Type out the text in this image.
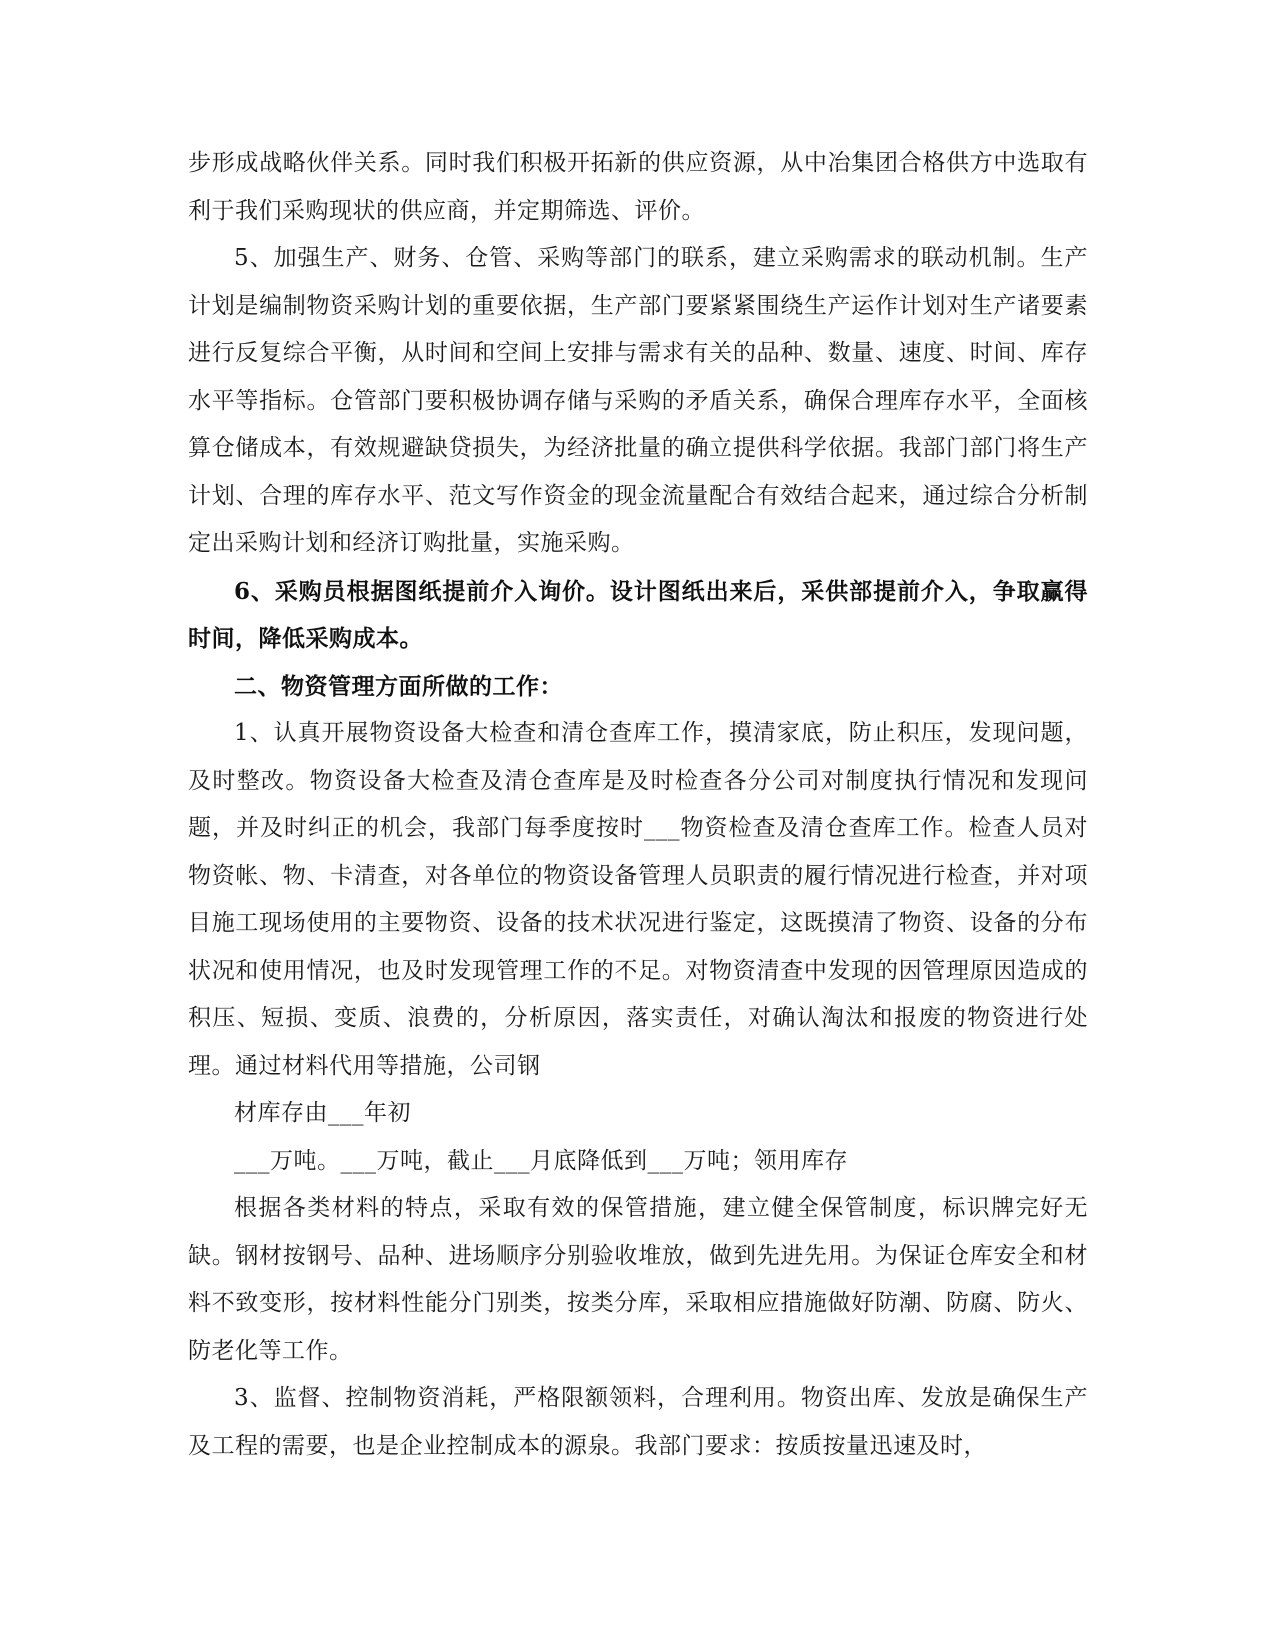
步形成战略伙伴关系。同时我们积极开拓新的供应资源，从中冶集团合格供方中选取有利于我们采购现状的供应商，并定期筛选、评价。

5、加强生产、财务、仓管、采购等部门的联系，建立采购需求的联动机制。生产计划是编制物资采购计划的重要依据，生产部门要紧紧围绕生产运作计划对生产诸要素进行反复综合平衡，从时间和空间上安排与需求有关的品种、数量、速度、时间、库存水平等指标。仓管部门要积极协调存储与采购的矛盾关系，确保合理库存水平，全面核算仓储成本，有效规避缺贷损失，为经济批量的确立提供科学依据。我部门部门将生产计划、合理的库存水平、范文写作资金的现金流量配合有效结合起来，通过综合分析制定出采购计划和经济订购批量，实施采购。

6、采购员根据图纸提前介入询价。设计图纸出来后，采供部提前介入，争取赢得时间，降低采购成本。

二、物资管理方面所做的工作：

1、认真开展物资设备大检查和清仓查库工作，摸清家底，防止积压，发现问题，及时整改。物资设备大检查及清仓查库是及时检查各分公司对制度执行情况和发现问题，并及时纠正的机会，我部门每季度按时___物资检查及清仓查库工作。检查人员对物资帐、物、卡清查，对各单位的物资设备管理人员职责的履行情况进行检查，并对项目施工现场使用的主要物资、设备的技术状况进行鉴定，这既摸清了物资、设备的分布状况和使用情况，也及时发现管理工作的不足。对物资清查中发现的因管理原因造成的积压、短损、变质、浪费的，分析原因，落实责任，对确认淘汰和报废的物资进行处理。通过材料代用等措施，公司钢

材库存由___年初

___万吨。___万吨，截止___月底降低到___万吨；领用库存

根据各类材料的特点，采取有效的保管措施，建立健全保管制度，标识牌完好无缺。钢材按钢号、品种、进场顺序分别验收堆放，做到先进先用。为保证仓库安全和材料不致变形，按材料性能分门别类，按类分库，采取相应措施做好防潮、防腐、防火、防老化等工作。

3、监督、控制物资消耗，严格限额领料，合理利用。物资出库、发放是确保生产及工程的需要，也是企业控制成本的源泉。我部门要求：按质按量迅速及时，
